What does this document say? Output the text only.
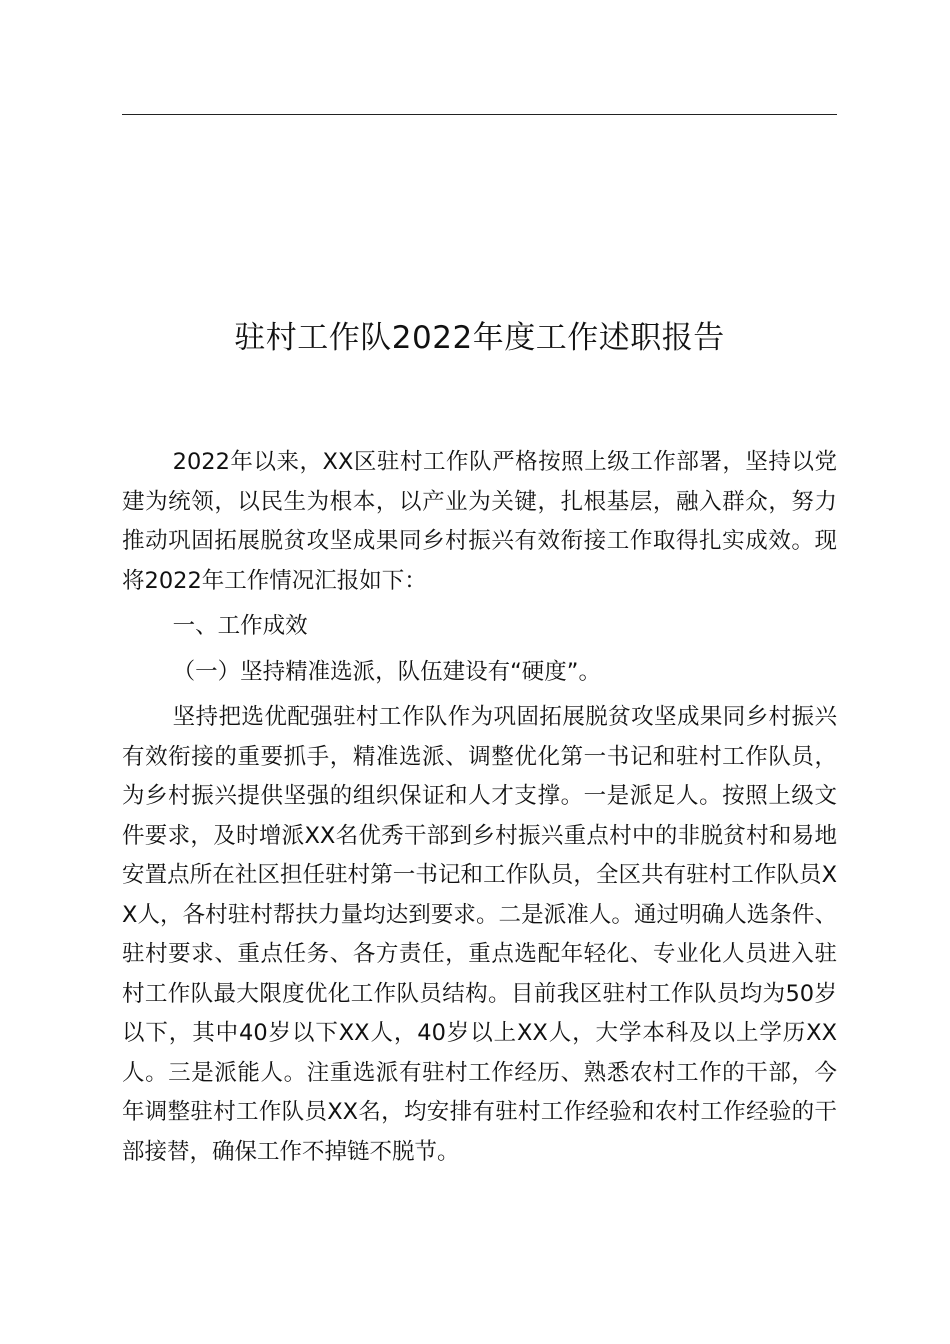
驻村工作队2022年度工作述职报告

2022年以来，XX区驻村工作队严格按照上级工作部署，坚持以党建为统领，以民生为根本，以产业为关键，扎根基层，融入群众，努力推动巩固拓展脱贫攻坚成果同乡村振兴有效衔接工作取得扎实成效。现将2022年工作情况汇报如下：

一、工作成效

（一）坚持精准选派，队伍建设有“硬度”。

坚持把选优配强驻村工作队作为巩固拓展脱贫攻坚成果同乡村振兴有效衔接的重要抓手，精准选派、调整优化第一书记和驻村工作队员，为乡村振兴提供坚强的组织保证和人才支撑。一是派足人。按照上级文件要求，及时增派XX名优秀干部到乡村振兴重点村中的非脱贫村和易地安置点所在社区担任驻村第一书记和工作队员，全区共有驻村工作队员XX人，各村驻村帮扶力量均达到要求。二是派准人。通过明确人选条件、驻村要求、重点任务、各方责任，重点选配年轻化、专业化人员进入驻村工作队最大限度优化工作队员结构。目前我区驻村工作队员均为50岁以下，其中40岁以下XX人，40岁以上XX人，大学本科及以上学历XX人。三是派能人。注重选派有驻村工作经历、熟悉农村工作的干部，今年调整驻村工作队员XX名，均安排有驻村工作经验和农村工作经验的干部接替，确保工作不掉链不脱节。
